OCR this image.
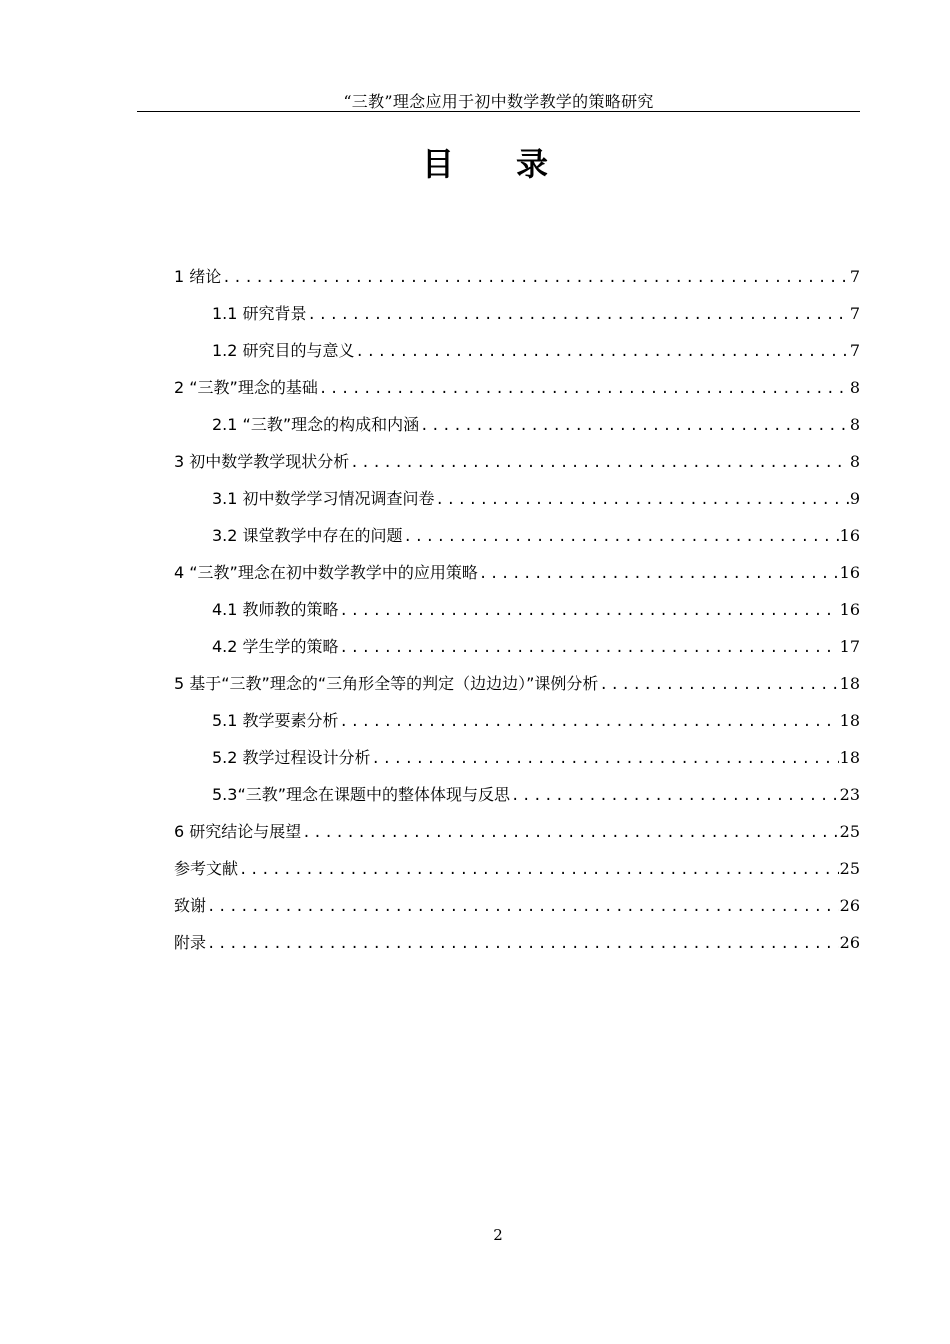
“三教”理念应用于初中数学教学的策略研究
目 录
1 绪论 .....	7
1.1 研究背景 .....	7
1.2 研究目的与意义 .....	7
2 “三教”理念的基础 .....	8
2.1 “三教”理念的构成和内涵 .....	8
3 初中数学教学现状分析 .....	8
3.1 初中数学学习情况调查问卷 .....	9
3.2 课堂教学中存在的问题 .....	16
4 “三教”理念在初中数学教学中的应用策略 .....	16
4.1 教师教的策略 .....	16
4.2 学生学的策略 .....	17
5 基于“三教”理念的“三角形全等的判定（边边边）”课例分析 .....	18
5.1 教学要素分析 .....	18
5.2 教学过程设计分析 .....	18
5.3“三教”理念在课题中的整体体现与反思 .....	23
6 研究结论与展望 .....	25
参考文献 .....	25
致谢 .....	26
附录 .....	26
2
